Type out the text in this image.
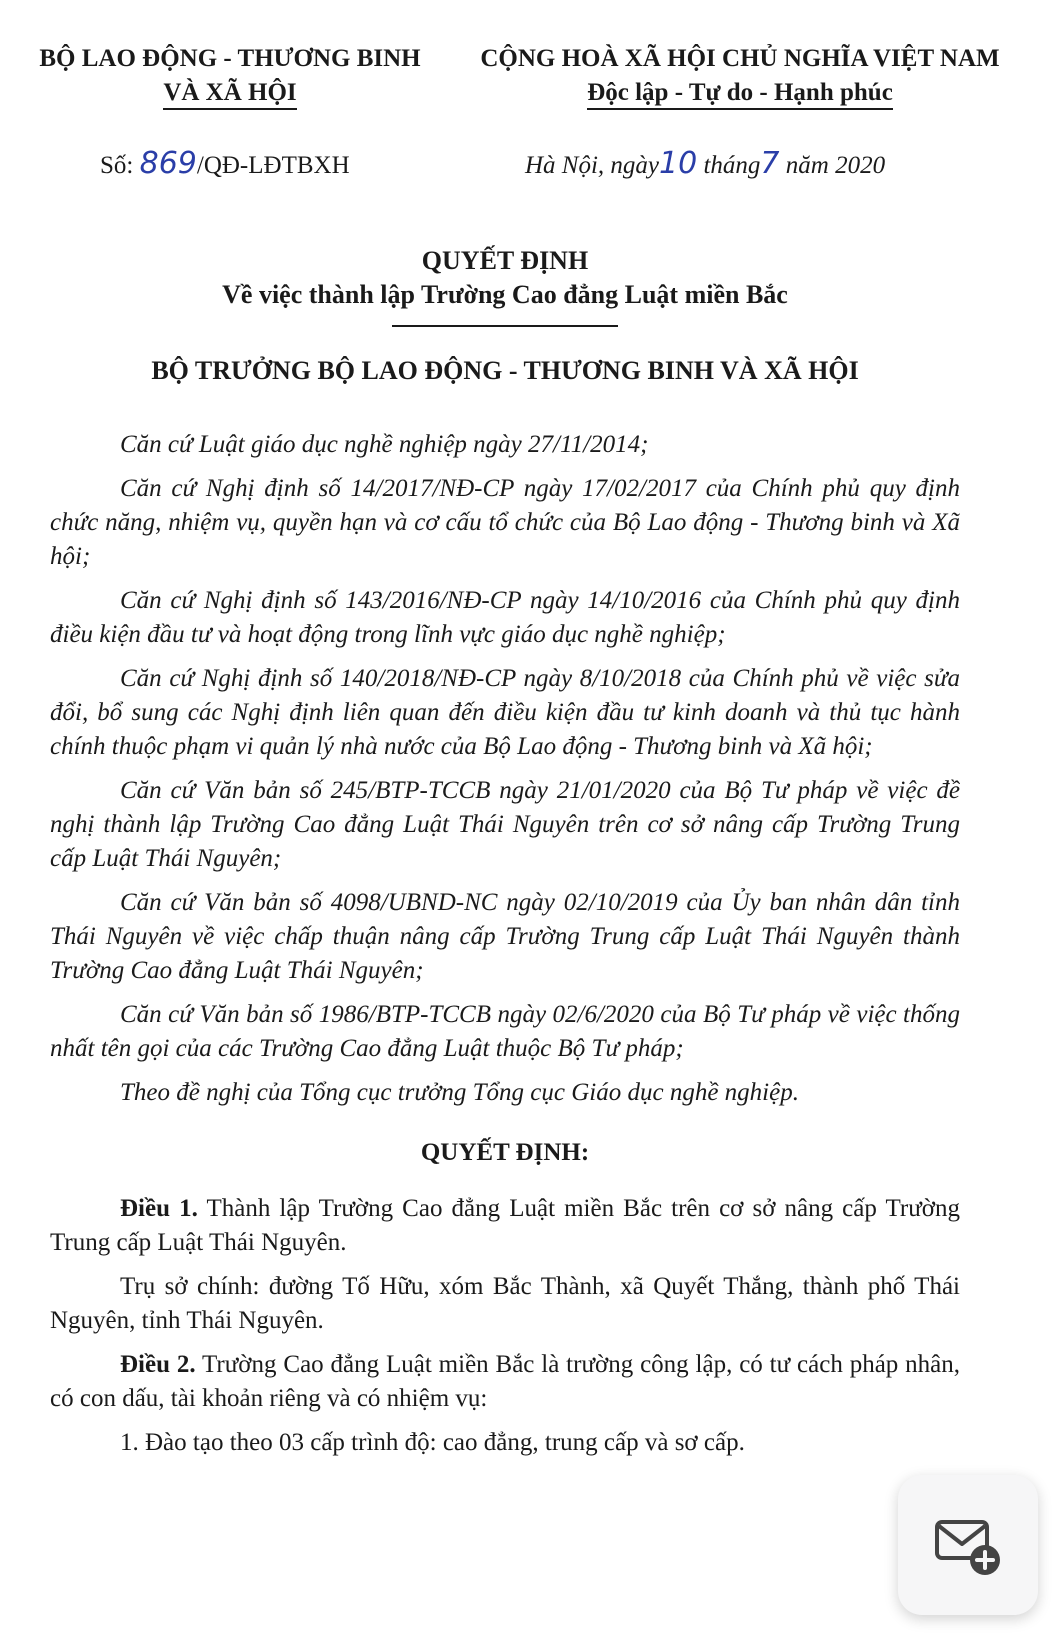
BỘ LAO ĐỘNG - THƯƠNG BINH
VÀ XÃ HỘI
CỘNG HOÀ XÃ HỘI CHỦ NGHĨA VIỆT NAM
Độc lập - Tự do - Hạnh phúc
Số: 869/QĐ-LĐTBXH	Hà Nội, ngày10 tháng7 năm 2020
QUYẾT ĐỊNH
Về việc thành lập Trường Cao đẳng Luật miền Bắc
BỘ TRƯỞNG BỘ LAO ĐỘNG - THƯƠNG BINH VÀ XÃ HỘI

Căn cứ Luật giáo dục nghề nghiệp ngày 27/11/2014;

Căn cứ Nghị định số 14/2017/NĐ-CP ngày 17/02/2017 của Chính phủ quy định chức năng, nhiệm vụ, quyền hạn và cơ cấu tổ chức của Bộ Lao động - Thương binh và Xã hội;

Căn cứ Nghị định số 143/2016/NĐ-CP ngày 14/10/2016 của Chính phủ quy định điều kiện đầu tư và hoạt động trong lĩnh vực giáo dục nghề nghiệp;

Căn cứ Nghị định số 140/2018/NĐ-CP ngày 8/10/2018 của Chính phủ về việc sửa đổi, bổ sung các Nghị định liên quan đến điều kiện đầu tư kinh doanh và thủ tục hành chính thuộc phạm vi quản lý nhà nước của Bộ Lao động - Thương binh và Xã hội;

Căn cứ Văn bản số 245/BTP-TCCB ngày 21/01/2020 của Bộ Tư pháp về việc đề nghị thành lập Trường Cao đẳng Luật Thái Nguyên trên cơ sở nâng cấp Trường Trung cấp Luật Thái Nguyên;

Căn cứ Văn bản số 4098/UBND-NC ngày 02/10/2019 của Ủy ban nhân dân tỉnh Thái Nguyên về việc chấp thuận nâng cấp Trường Trung cấp Luật Thái Nguyên thành Trường Cao đẳng Luật Thái Nguyên;

Căn cứ Văn bản số 1986/BTP-TCCB ngày 02/6/2020 của Bộ Tư pháp về việc thống nhất tên gọi của các Trường Cao đẳng Luật thuộc Bộ Tư pháp;

Theo đề nghị của Tổng cục trưởng Tổng cục Giáo dục nghề nghiệp.

QUYẾT ĐỊNH:

Điều 1. Thành lập Trường Cao đẳng Luật miền Bắc trên cơ sở nâng cấp Trường Trung cấp Luật Thái Nguyên.

Trụ sở chính: đường Tố Hữu, xóm Bắc Thành, xã Quyết Thắng, thành phố Thái Nguyên, tỉnh Thái Nguyên.

Điều 2. Trường Cao đẳng Luật miền Bắc là trường công lập, có tư cách pháp nhân, có con dấu, tài khoản riêng và có nhiệm vụ:

1. Đào tạo theo 03 cấp trình độ: cao đẳng, trung cấp và sơ cấp.
